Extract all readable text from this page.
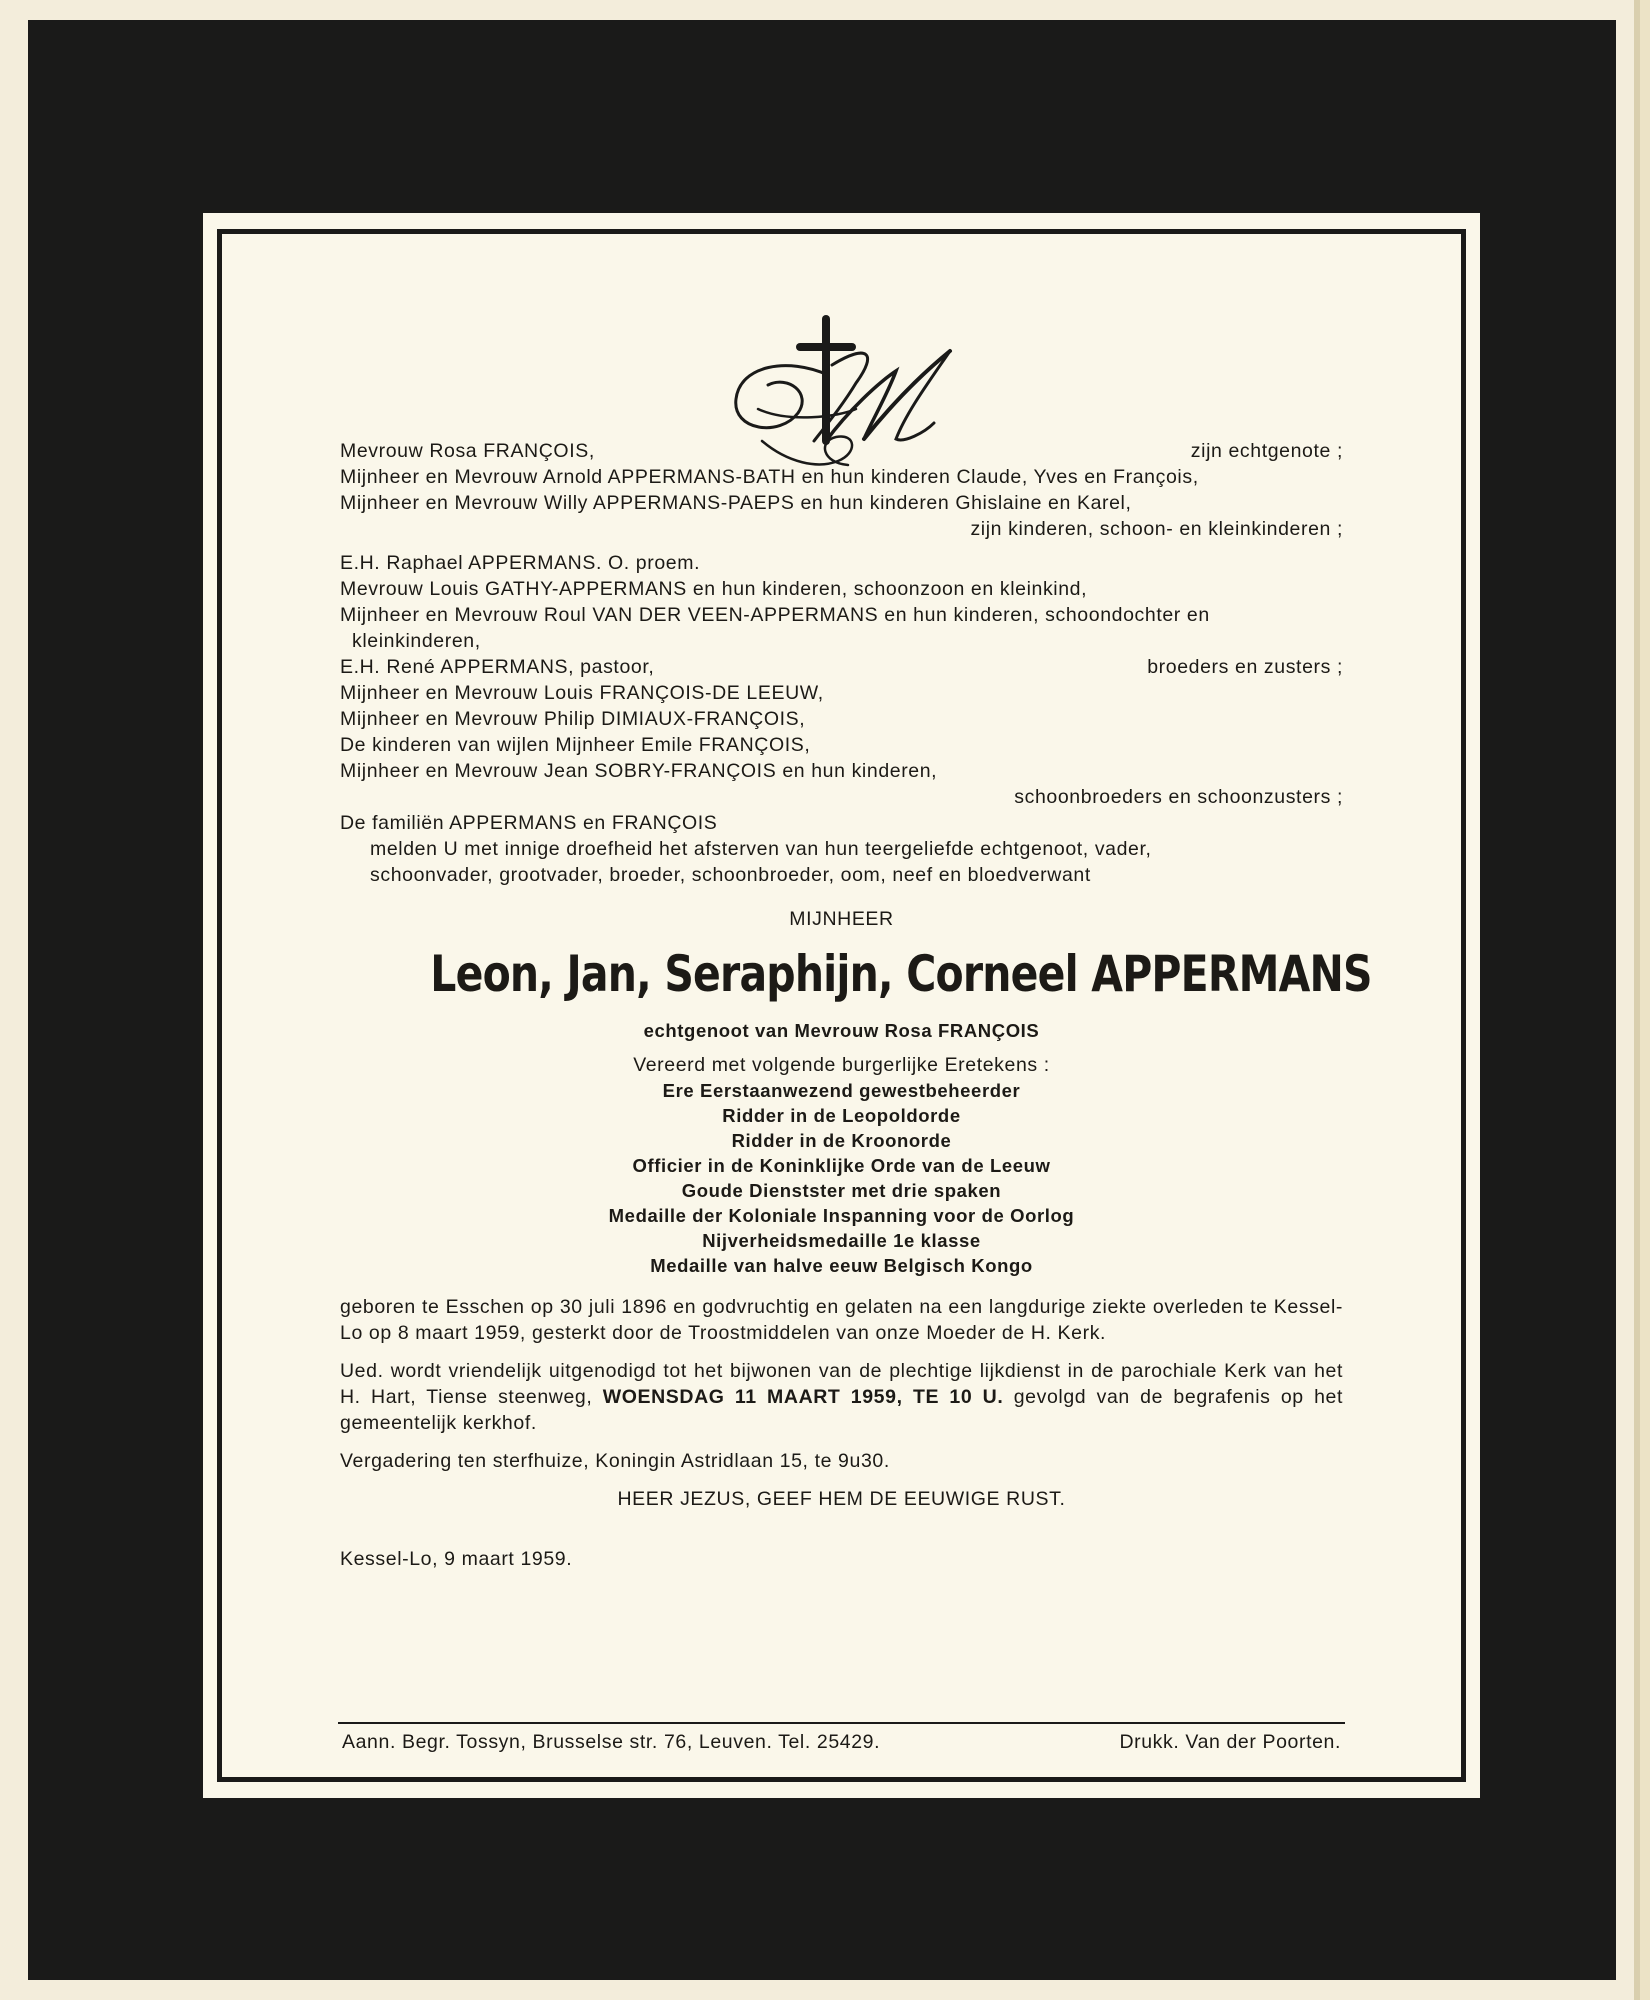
Mevrouw Rosa FRANÇOIS,	zijn echtgenote ;
Mijnheer en Mevrouw Arnold APPERMANS-BATH en hun kinderen Claude, Yves en François,
Mijnheer en Mevrouw Willy APPERMANS-PAEPS en hun kinderen Ghislaine en Karel,
zijn kinderen, schoon- en kleinkinderen ;
E.H. Raphael APPERMANS. O. proem.
Mevrouw Louis GATHY-APPERMANS en hun kinderen, schoonzoon en kleinkind,
Mijnheer en Mevrouw Roul VAN DER VEEN-APPERMANS en hun kinderen, schoondochter en
kleinkinderen,
E.H. René APPERMANS, pastoor,	broeders en zusters ;
Mijnheer en Mevrouw Louis FRANÇOIS-DE LEEUW,
Mijnheer en Mevrouw Philip DIMIAUX-FRANÇOIS,
De kinderen van wijlen Mijnheer Emile FRANÇOIS,
Mijnheer en Mevrouw Jean SOBRY-FRANÇOIS en hun kinderen,
schoonbroeders en schoonzusters ;
De familiën APPERMANS en FRANÇOIS
melden U met innige droefheid het afsterven van hun teergeliefde echtgenoot, vader,
schoonvader, grootvader, broeder, schoonbroeder, oom, neef en bloedverwant
MIJNHEER
Leon, Jan, Seraphijn, Corneel APPERMANS
echtgenoot van Mevrouw Rosa FRANÇOIS
Vereerd met volgende burgerlijke Eretekens :
Ere Eerstaanwezend gewestbeheerder
Ridder in de Leopoldorde
Ridder in de Kroonorde
Officier in de Koninklijke Orde van de Leeuw
Goude Dienstster met drie spaken
Medaille der Koloniale Inspanning voor de Oorlog
Nijverheidsmedaille 1e klasse
Medaille van halve eeuw Belgisch Kongo
geboren te Esschen op 30 juli 1896 en godvruchtig en gelaten na een langdurige ziekte overleden te Kessel-Lo op 8 maart 1959, gesterkt door de Troostmiddelen van onze Moeder de H. Kerk.
Ued. wordt vriendelijk uitgenodigd tot het bijwonen van de plechtige lijkdienst in de parochiale Kerk van het H. Hart, Tiense steenweg, WOENSDAG 11 MAART 1959, TE 10 U. gevolgd van de begrafenis op het gemeentelijk kerkhof.
Vergadering ten sterfhuize, Koningin Astridlaan 15, te 9u30.
HEER JEZUS, GEEF HEM DE EEUWIGE RUST.
Kessel-Lo, 9 maart 1959.
Aann. Begr. Tossyn, Brusselse str. 76, Leuven. Tel. 25429.	Drukk. Van der Poorten.
